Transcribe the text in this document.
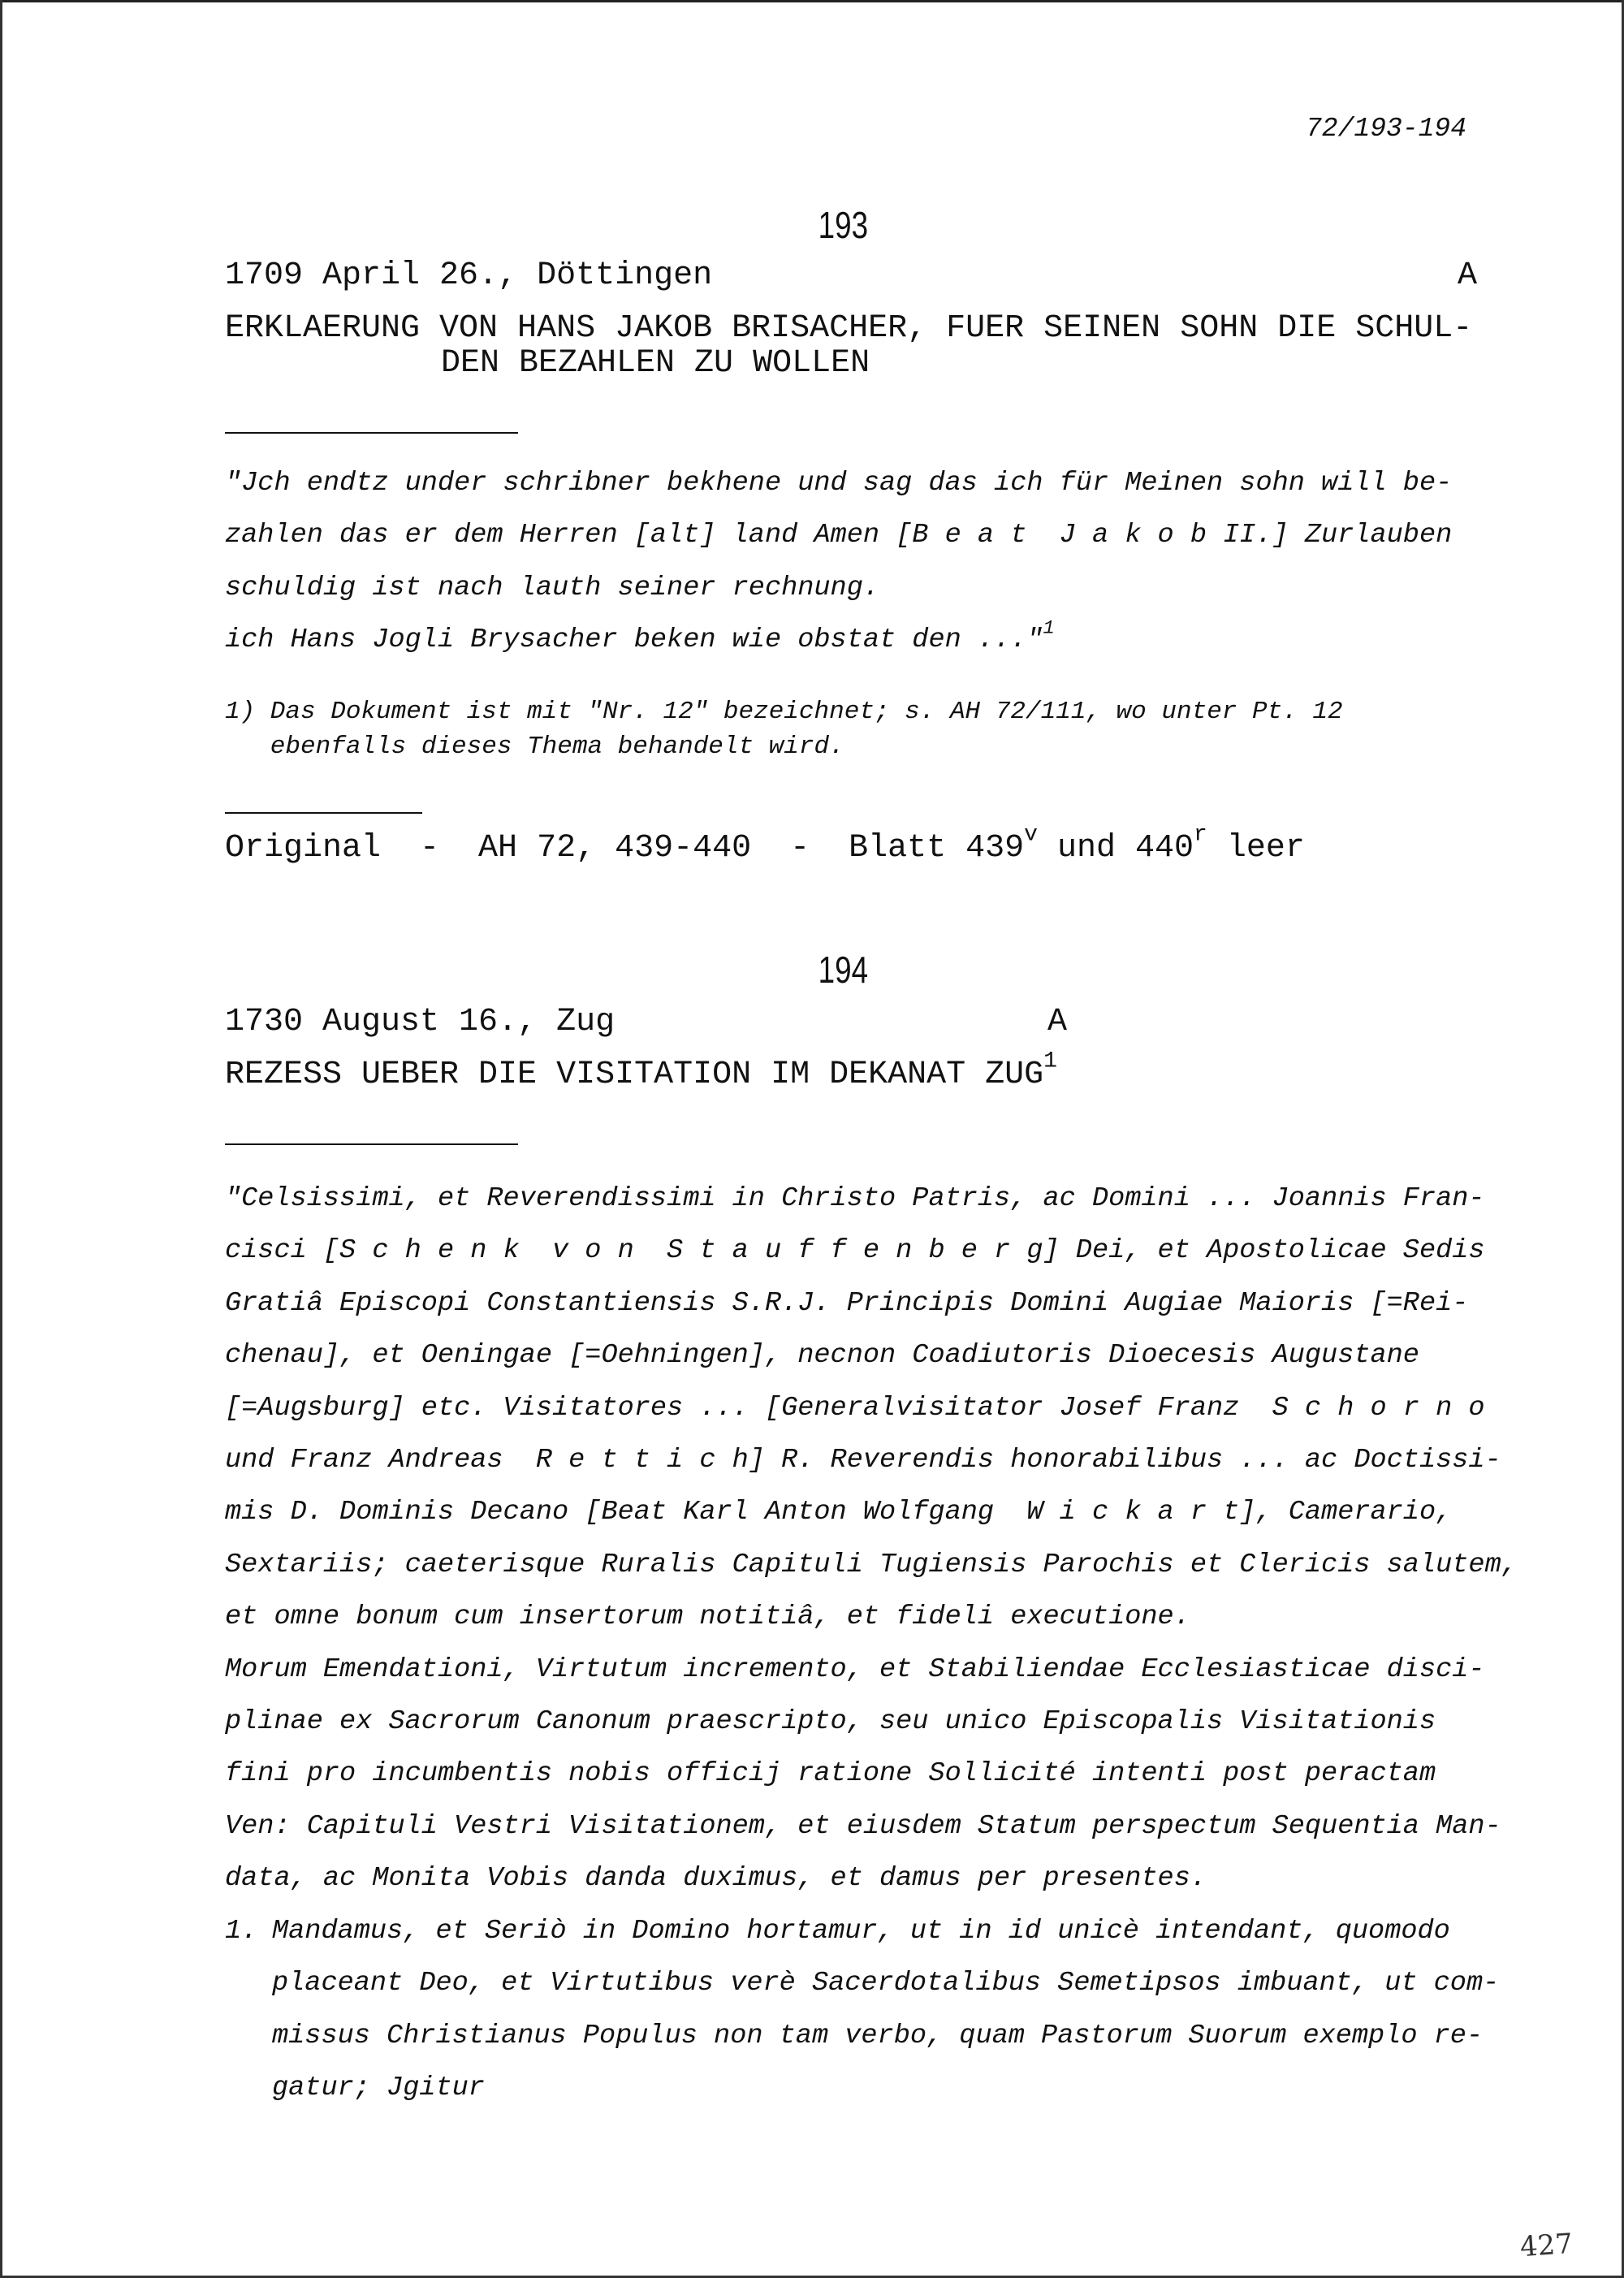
72/193-194
193
1709 April 26., Döttingen	A
ERKLAERUNG VON HANS JAKOB BRISACHER, FUER SEINEN SOHN DIE SCHUL-
DEN BEZAHLEN ZU WOLLEN
"Jch endtz under schribner bekhene und sag das ich für Meinen sohn will be-
zahlen das er dem Herren [alt] land Amen [B e a t  J a k o b II.] Zurlauben
schuldig ist nach lauth seiner rechnung.
ich Hans Jogli Brysacher beken wie obstat den ..."$^1$
1) Das Dokument ist mit "Nr. 12" bezeichnet; s. AH 72/111, wo unter Pt. 12
ebenfalls dieses Thema behandelt wird.
Original  -  AH 72, 439-440  -  Blatt 439$^v$ und 440$^r$ leer
194
1730 August 16., Zug	A
REZESS UEBER DIE VISITATION IM DEKANAT ZUG$^1$
"Celsissimi, et Reverendissimi in Christo Patris, ac Domini ... Joannis Fran-
cisci [S c h e n k  v o n  S t a u f f e n b e r g] Dei, et Apostolicae Sedis
Gratiâ Episcopi Constantiensis S.R.J. Principis Domini Augiae Maioris [=Rei-
chenau], et Oeningae [=Oehningen], necnon Coadiutoris Dioecesis Augustane
[=Augsburg] etc. Visitatores ... [Generalvisitator Josef Franz  S c h o r n o
und Franz Andreas  R e t t i c h] R. Reverendis honorabilibus ... ac Doctissi-
mis D. Dominis Decano [Beat Karl Anton Wolfgang  W i c k a r t], Camerario,
Sextariis; caeterisque Ruralis Capituli Tugiensis Parochis et Clericis salutem,
et omne bonum cum insertorum notitiâ, et fideli executione.
Morum Emendationi, Virtutum incremento, et Stabiliendae Ecclesiasticae disci-
plinae ex Sacrorum Canonum praescripto, seu unico Episcopalis Visitationis
fini pro incumbentis nobis officij ratione Sollicité intenti post peractam
Ven: Capituli Vestri Visitationem, et eiusdem Statum perspectum Sequentia Man-
data, ac Monita Vobis danda duximus, et damus per presentes.
1. Mandamus, et Seriò in Domino hortamur, ut in id unicè intendant, quomodo
placeant Deo, et Virtutibus verè Sacerdotalibus Semetipsos imbuant, ut com-
missus Christianus Populus non tam verbo, quam Pastorum Suorum exemplo re-
gatur; Jgitur
427
